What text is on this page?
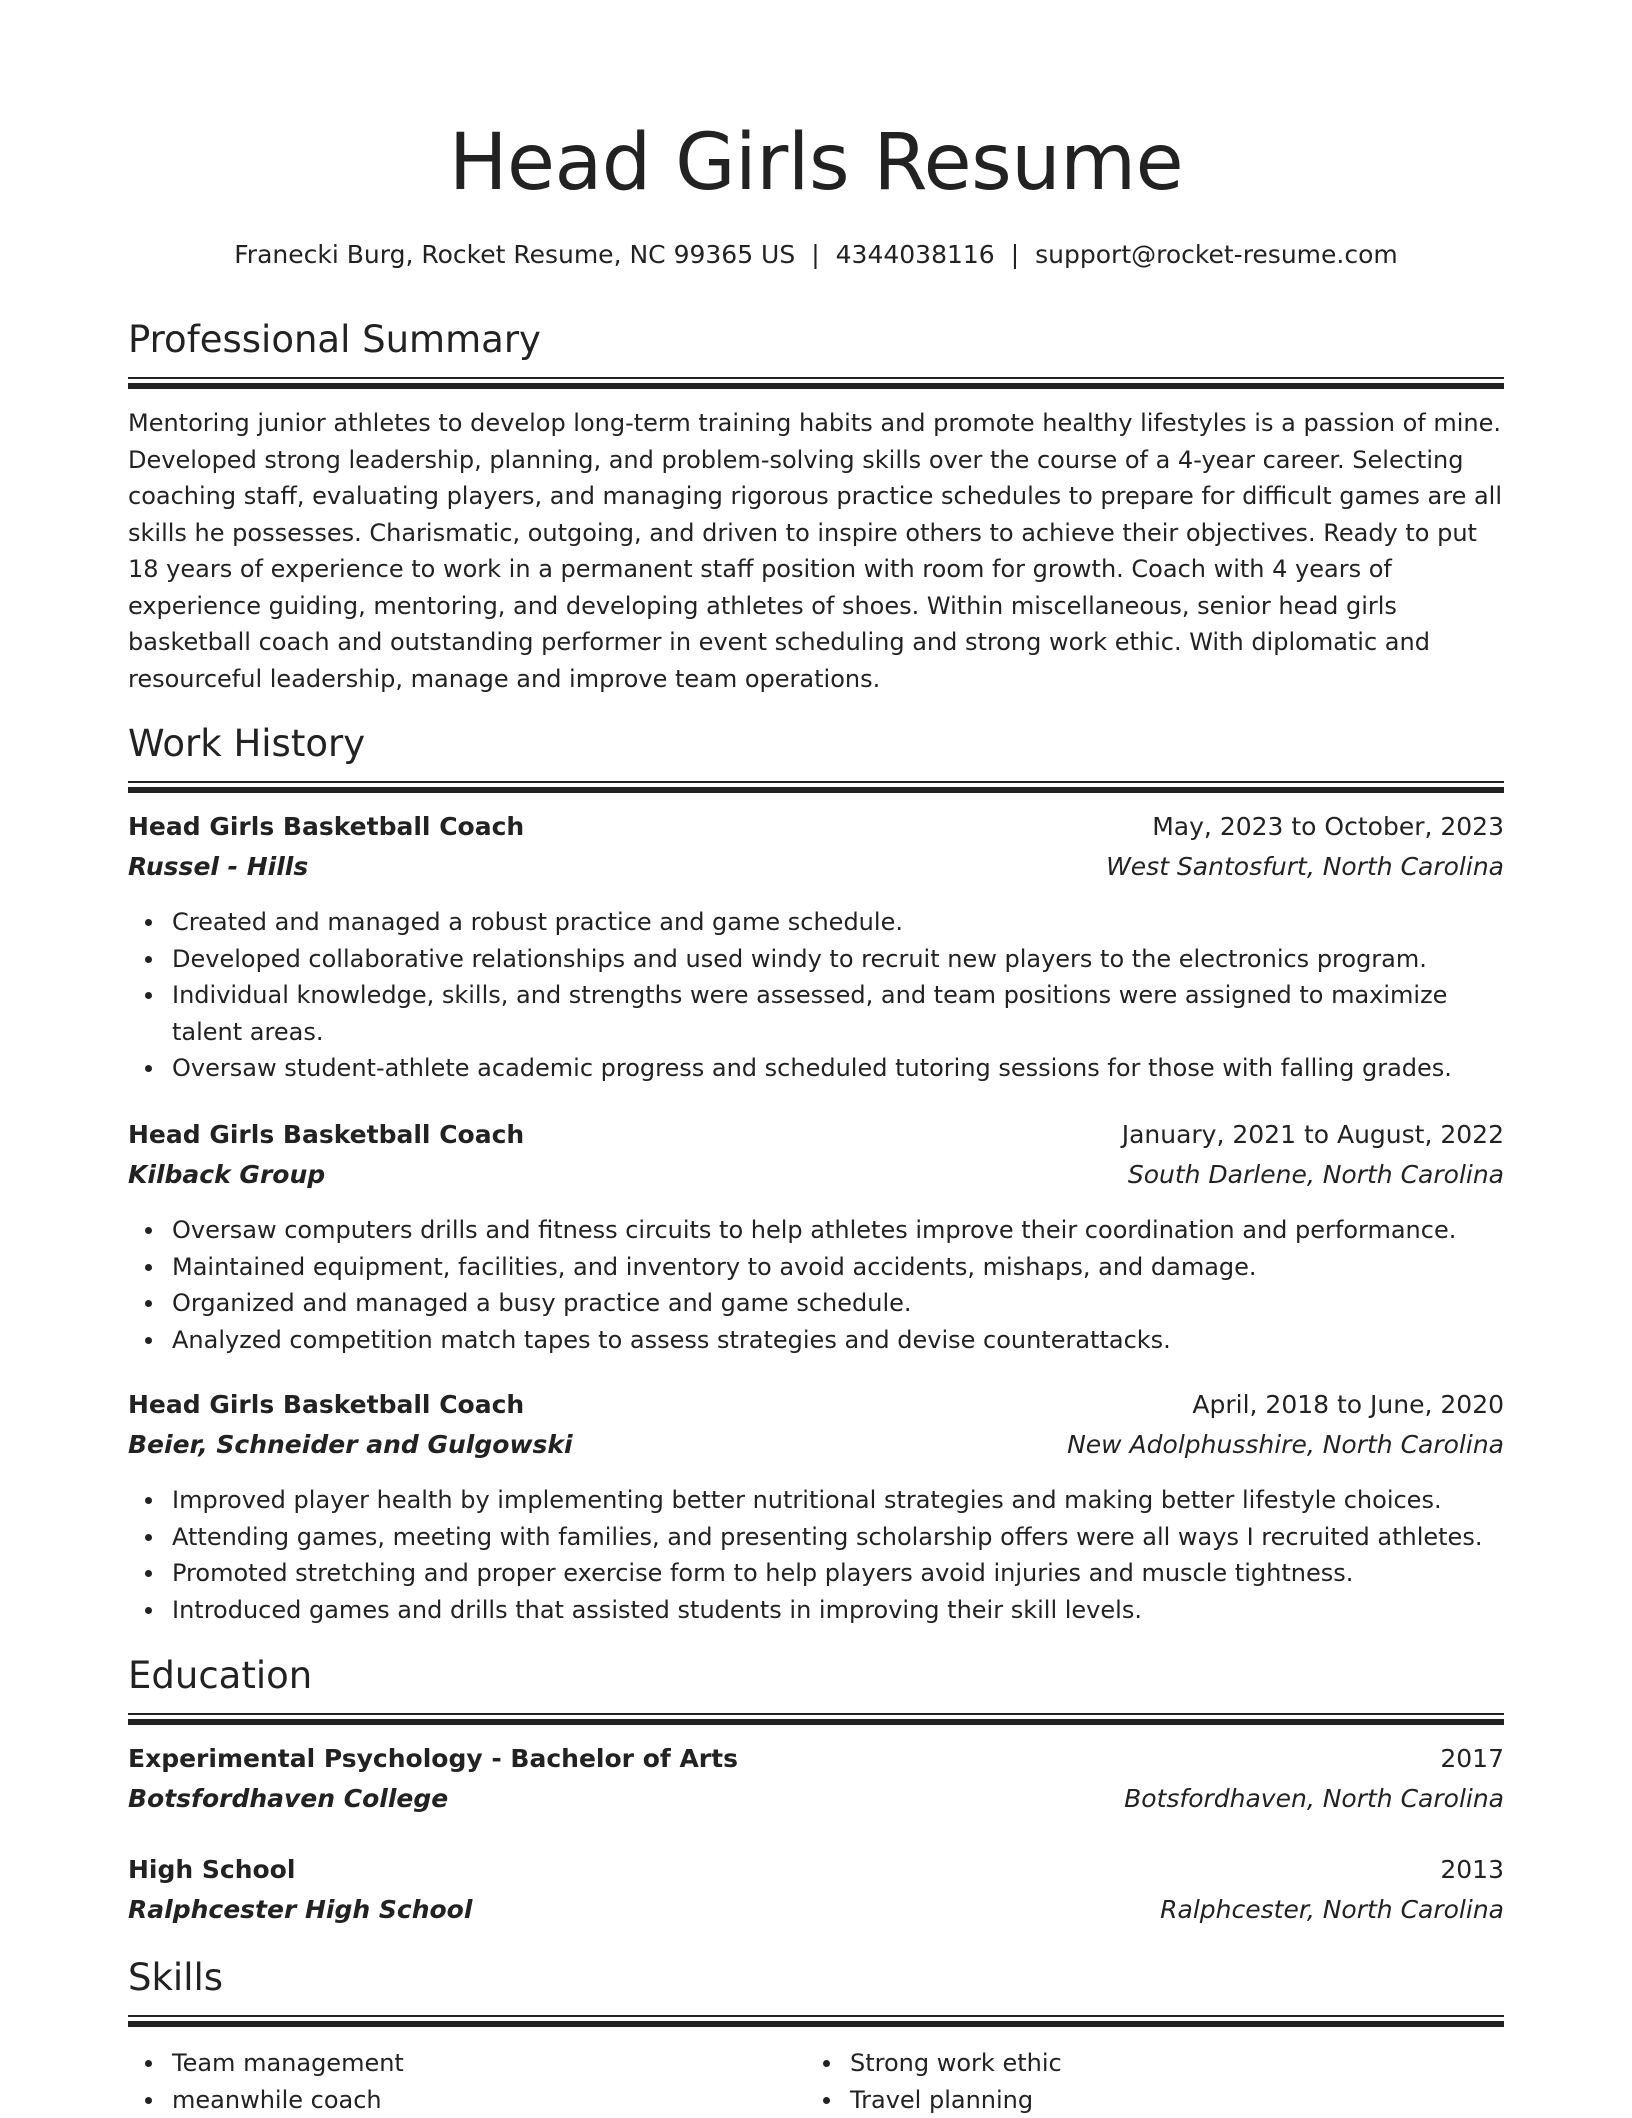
Head Girls Resume
Franecki Burg, Rocket Resume, NC 99365 US | 4344038116 | support@rocket-resume.com
Professional Summary

Mentoring junior athletes to develop long-term training habits and promote healthy lifestyles is a passion of mine. Developed strong leadership, planning, and problem-solving skills over the course of a 4-year career. Selecting coaching staff, evaluating players, and managing rigorous practice schedules to prepare for difficult games are all skills he possesses. Charismatic, outgoing, and driven to inspire others to achieve their objectives. Ready to put 18 years of experience to work in a permanent staff position with room for growth. Coach with 4 years of experience guiding, mentoring, and developing athletes of shoes. Within miscellaneous, senior head girls basketball coach and outstanding performer in event scheduling and strong work ethic. With diplomatic and resourceful leadership, manage and improve team operations.

Work History
Head Girls Basketball Coach	May, 2023 to October, 2023
Russel - Hills	West Santosfurt, North Carolina
Created and managed a robust practice and game schedule.
Developed collaborative relationships and used windy to recruit new players to the electronics program.
Individual knowledge, skills, and strengths were assessed, and team positions were assigned to maximize talent areas.
Oversaw student-athlete academic progress and scheduled tutoring sessions for those with falling grades.
Head Girls Basketball Coach	January, 2021 to August, 2022
Kilback Group	South Darlene, North Carolina
Oversaw computers drills and fitness circuits to help athletes improve their coordination and performance.
Maintained equipment, facilities, and inventory to avoid accidents, mishaps, and damage.
Organized and managed a busy practice and game schedule.
Analyzed competition match tapes to assess strategies and devise counterattacks.
Head Girls Basketball Coach	April, 2018 to June, 2020
Beier, Schneider and Gulgowski	New Adolphusshire, North Carolina
Improved player health by implementing better nutritional strategies and making better lifestyle choices.
Attending games, meeting with families, and presenting scholarship offers were all ways I recruited athletes.
Promoted stretching and proper exercise form to help players avoid injuries and muscle tightness.
Introduced games and drills that assisted students in improving their skill levels.
Education
Experimental Psychology - Bachelor of Arts	2017
Botsfordhaven College	Botsfordhaven, North Carolina
High School	2013
Ralphcester High School	Ralphcester, North Carolina
Skills
Team management
meanwhile coach
Strong work ethic
Travel planning
